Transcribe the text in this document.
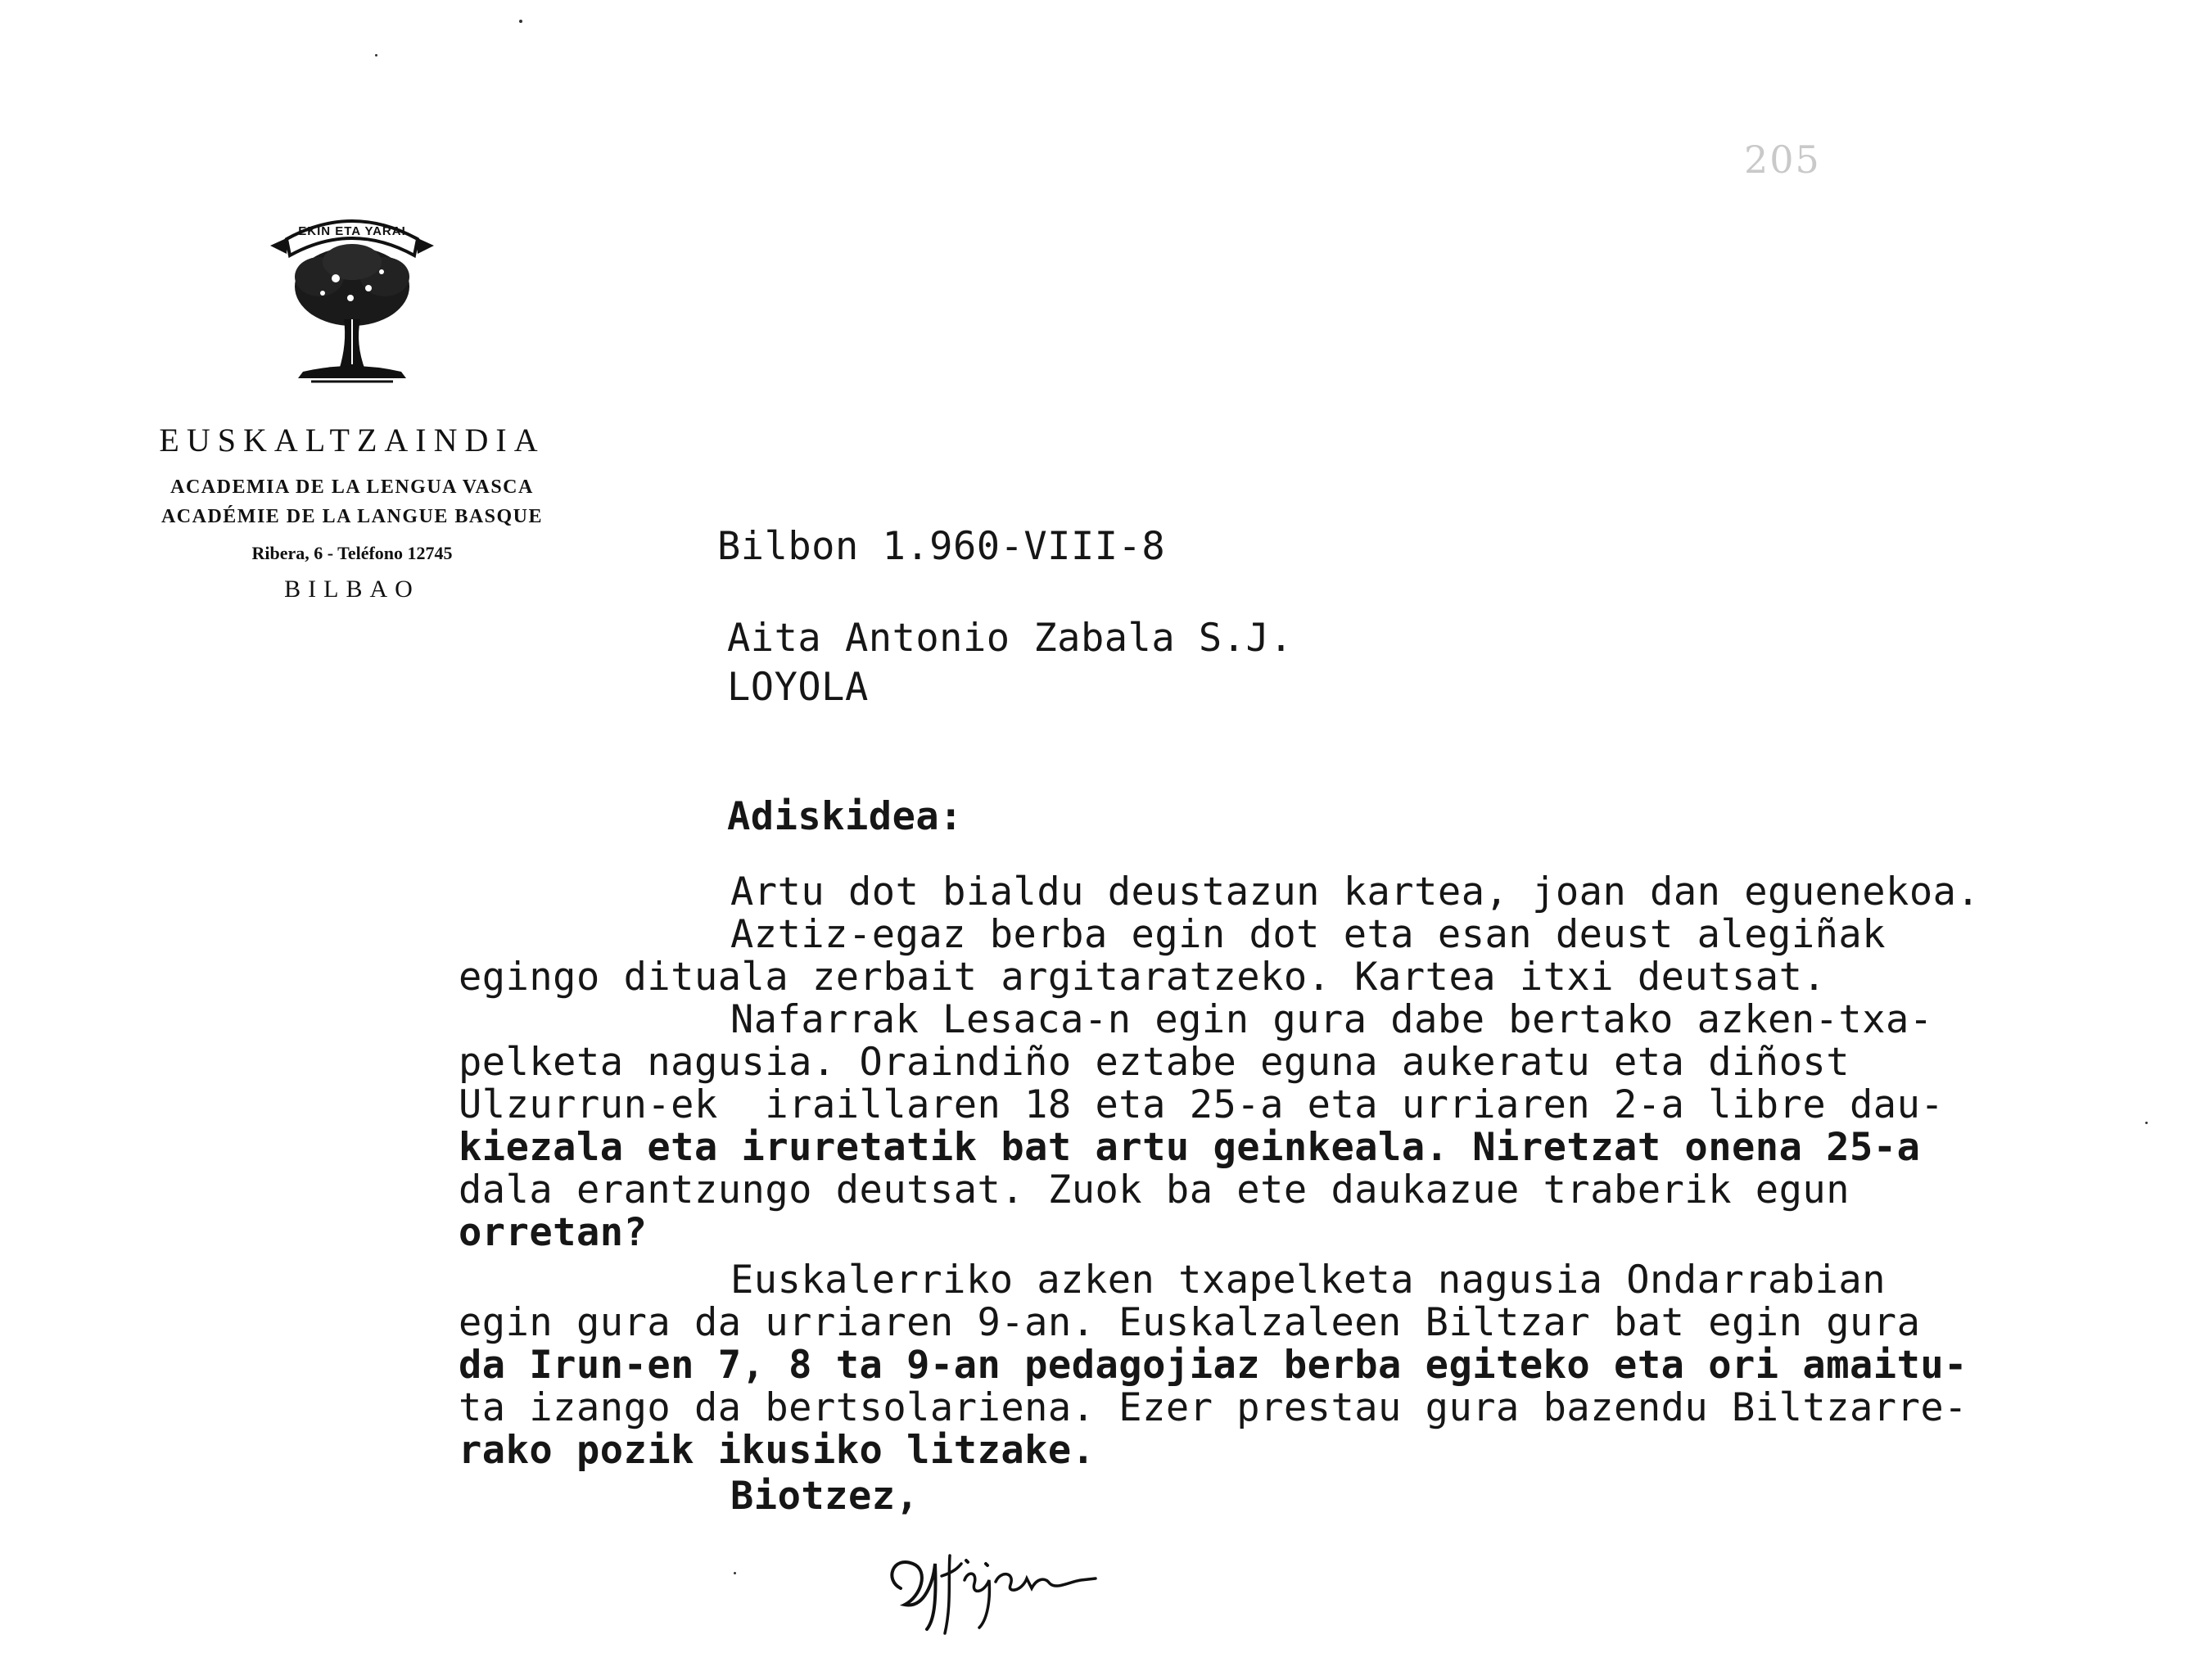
205
EKIN ETA YARAI
EUSKALTZAINDIA
ACADEMIA DE LA LENGUA VASCA
ACADÉMIE DE LA LANGUE BASQUE
Ribera, 6 - Teléfono 12745
BILBAO
Bilbon 1.960-VIII-8
Aita Antonio Zabala S.J.
LOYOLA
Adiskidea:
Artu dot bialdu deustazun kartea, joan dan eguenekoa.
Aztiz-egaz berba egin dot eta esan deust alegiñak
egingo dituala zerbait argitaratzeko. Kartea itxi deutsat.
Nafarrak Lesaca-n egin gura dabe bertako azken-txa-
pelketa nagusia. Oraindiño eztabe eguna aukeratu eta diñost
Ulzurrun-ek  iraillaren 18 eta 25-a eta urriaren 2-a libre dau-
kiezala eta iruretatik bat artu geinkeala. Niretzat onena 25-a
dala erantzungo deutsat. Zuok ba ete daukazue traberik egun
orretan?
Euskalerriko azken txapelketa nagusia Ondarrabian
egin gura da urriaren 9-an. Euskalzaleen Biltzar bat egin gura
da Irun-en 7, 8 ta 9-an pedagojiaz berba egiteko eta ori amaitu-
ta izango da bertsolariena. Ezer prestau gura bazendu Biltzarre-
rako pozik ikusiko litzake.
Biotzez,
